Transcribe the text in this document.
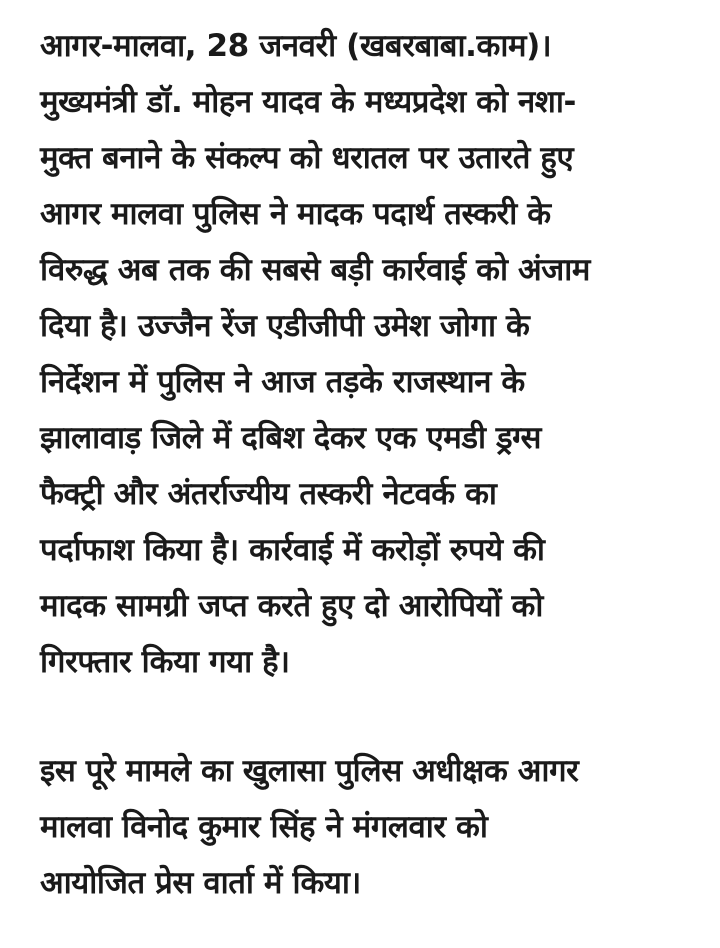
आगर-मालवा, 28 जनवरी (खबरबाबा.काम)।
मुख्यमंत्री डॉ. मोहन यादव के मध्यप्रदेश को नशा-
मुक्त बनाने के संकल्प को धरातल पर उतारते हुए
आगर मालवा पुलिस ने मादक पदार्थ तस्करी के
विरुद्ध अब तक की सबसे बड़ी कार्रवाई को अंजाम
दिया है। उज्जैन रेंज एडीजीपी उमेश जोगा के
निर्देशन में पुलिस ने आज तड़के राजस्थान के
झालावाड़ जिले में दबिश देकर एक एमडी ड्रग्स
फैक्ट्री और अंतर्राज्यीय तस्करी नेटवर्क का
पर्दाफाश किया है। कार्रवाई में करोड़ों रुपये की
मादक सामग्री जप्त करते हुए दो आरोपियों को
गिरफ्तार किया गया है।
इस पूरे मामले का खुलासा पुलिस अधीक्षक आगर
मालवा विनोद कुमार सिंह ने मंगलवार को
आयोजित प्रेस वार्ता में किया।
